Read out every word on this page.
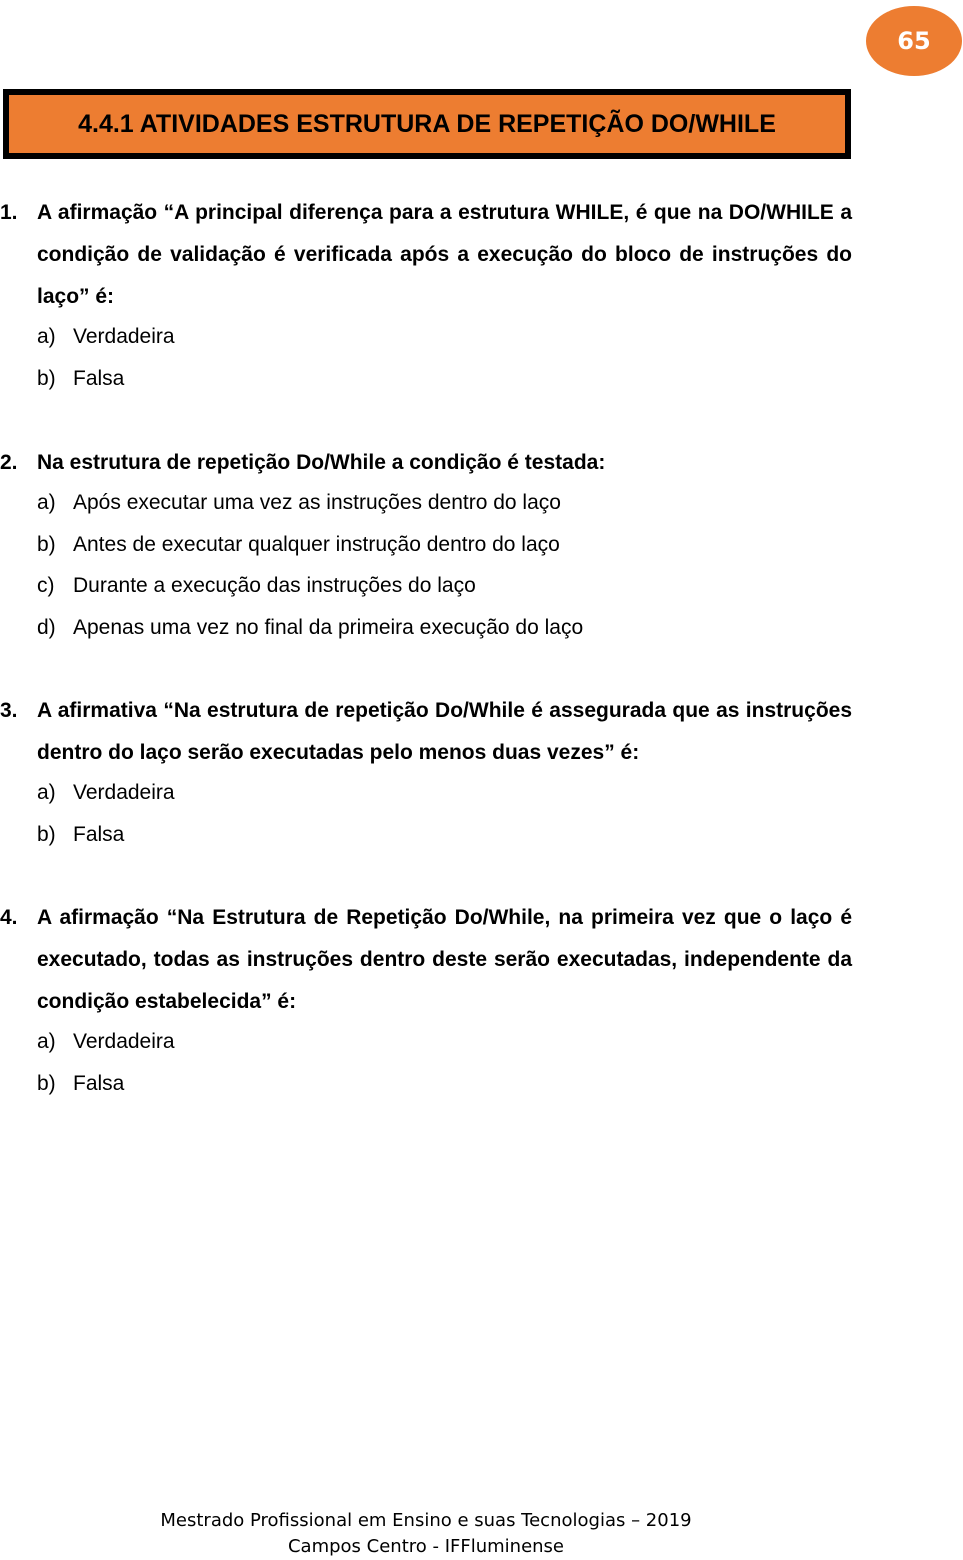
65
4.4.1 ATIVIDADES ESTRUTURA DE REPETIÇÃO DO/WHILE
1. A afirmação “A principal diferença para a estrutura WHILE, é que na DO/WHILE a condição de validação é verificada após a execução do bloco de instruções do laço” é:
a) Verdadeira
b) Falsa
2. Na estrutura de repetição Do/While a condição é testada:
a) Após executar uma vez as instruções dentro do laço
b) Antes de executar qualquer instrução dentro do laço
c) Durante a execução das instruções do laço
d) Apenas uma vez no final da primeira execução do laço
3. A afirmativa “Na estrutura de repetição Do/While é assegurada que as instruções dentro do laço serão executadas pelo menos duas vezes” é:
a) Verdadeira
b) Falsa
4. A afirmação “Na Estrutura de Repetição Do/While, na primeira vez que o laço é executado, todas as instruções dentro deste serão executadas, independente da condição estabelecida” é:
a) Verdadeira
b) Falsa
Mestrado Profissional em Ensino e suas Tecnologias – 2019
Campos Centro - IFFluminense
